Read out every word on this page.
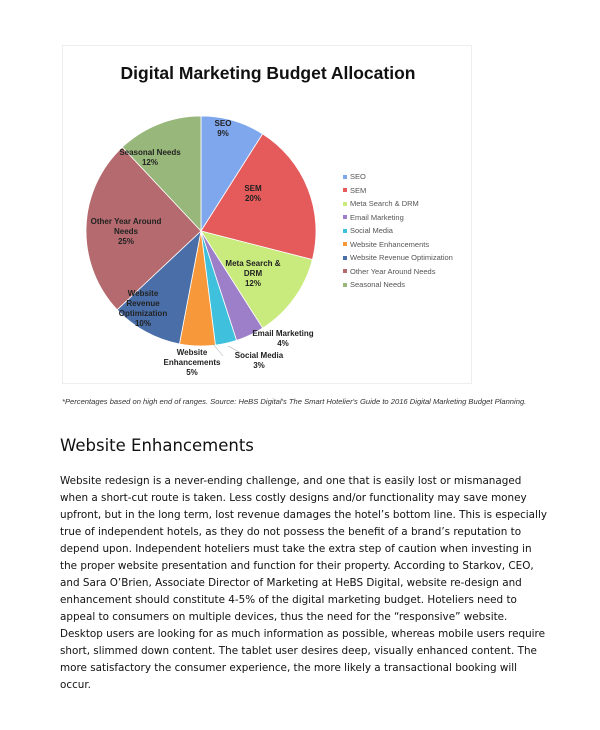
Digital Marketing Budget Allocation
SEO 9%
SEM 20%
Meta Search & DRM 12%
Email Marketing 4%
Social Media 3%
Website Enhancements 5%
Website Revenue Optimization 10%
Other Year Around Needs 25%
Seasonal Needs 12%
SEO
SEM
Meta Search & DRM
Email Marketing
Social Media
Website Enhancements
Website Revenue Optimization
Other Year Around Needs
Seasonal Needs
*Percentages based on high end of ranges. Source: HeBS Digital's The Smart Hotelier's Guide to 2016 Digital Marketing Budget Planning.
Website Enhancements

Website redesign is a never-ending challenge, and one that is easily lost or mismanaged when a short-cut route is taken. Less costly designs and/or functionality may save money upfront, but in the long term, lost revenue damages the hotel’s bottom line. This is especially true of independent hotels, as they do not possess the benefit of a brand’s reputation to depend upon. Independent hoteliers must take the extra step of caution when investing in the proper website presentation and function for their property. According to Starkov, CEO, and Sara O’Brien, Associate Director of Marketing at HeBS Digital, website re-design and enhancement should constitute 4-5% of the digital marketing budget. Hoteliers need to appeal to consumers on multiple devices, thus the need for the “responsive” website. Desktop users are looking for as much information as possible, whereas mobile users require short, slimmed down content. The tablet user desires deep, visually enhanced content. The more satisfactory the consumer experience, the more likely a transactional booking will occur.
